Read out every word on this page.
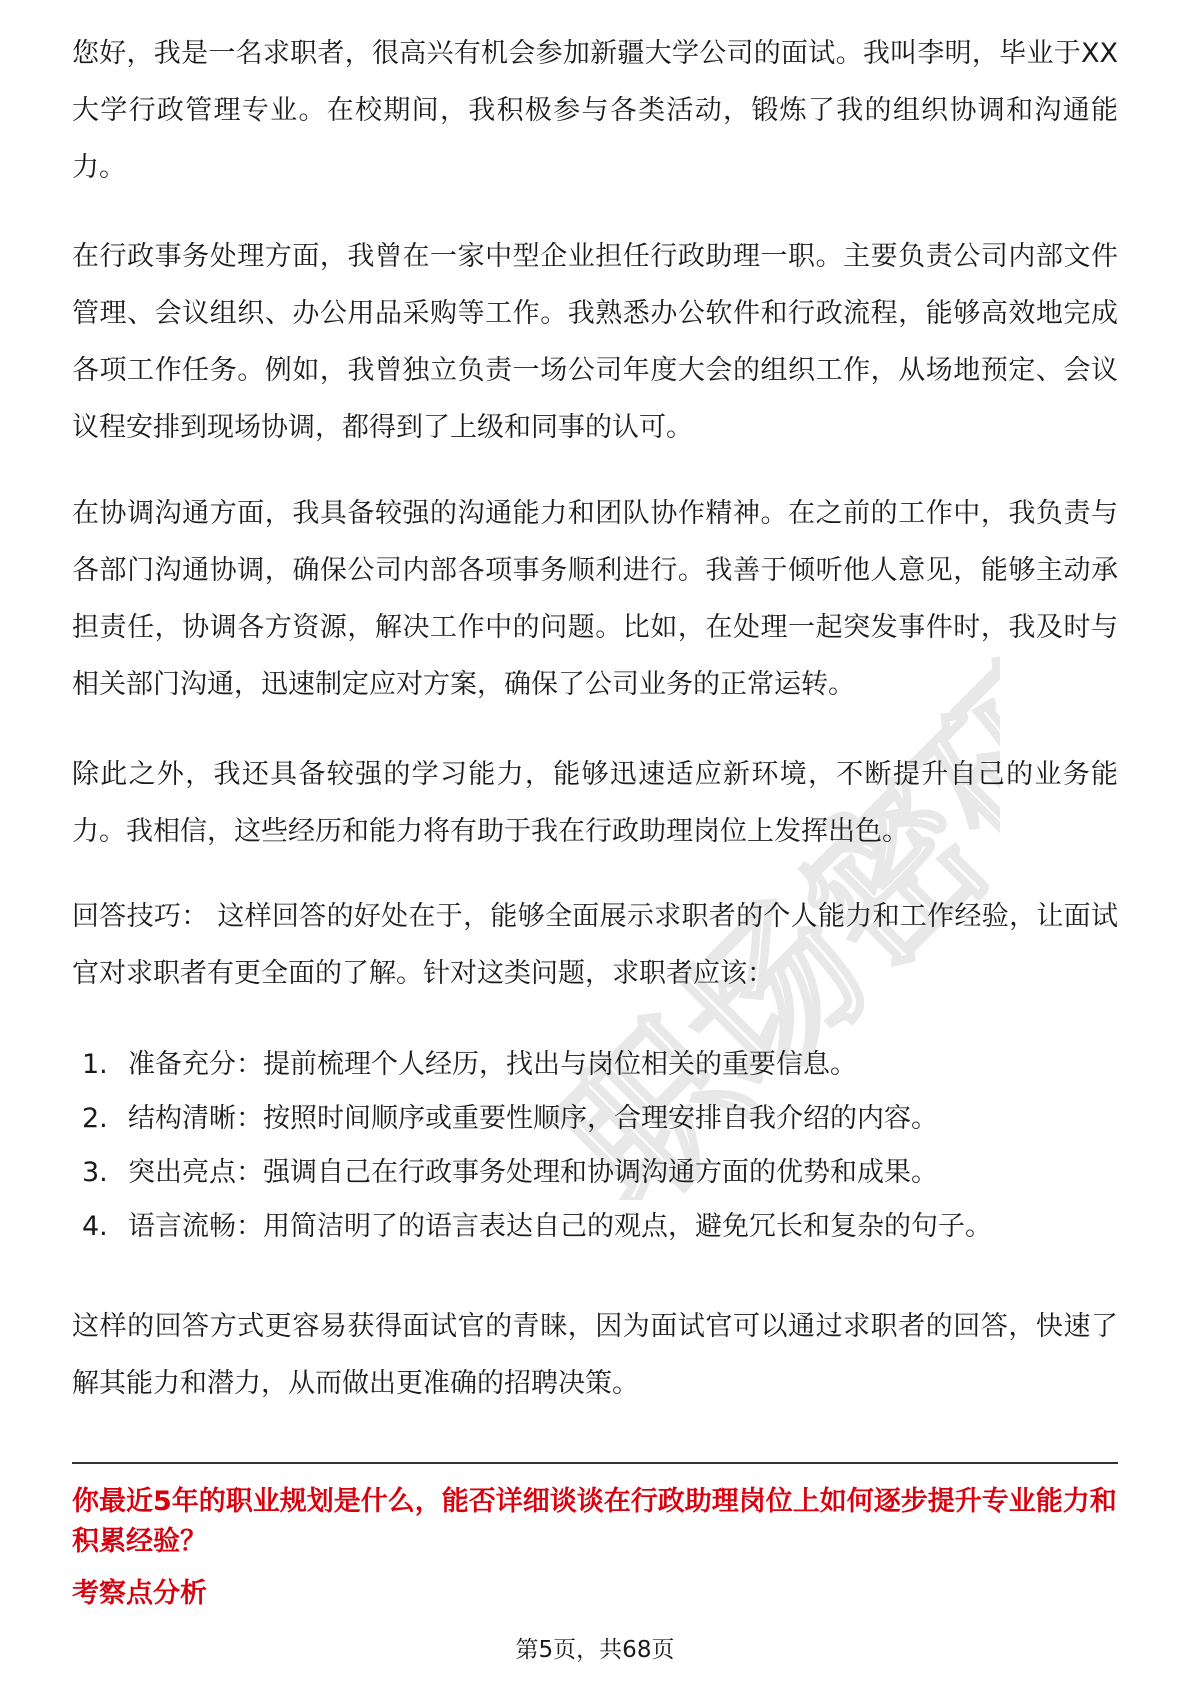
职场密码

您好，我是一名求职者，很高兴有机会参加新疆大学公司的面试。我叫李明，毕业于XX大学行政管理专业。在校期间，我积极参与各类活动，锻炼了我的组织协调和沟通能力。

在行政事务处理方面，我曾在一家中型企业担任行政助理一职。主要负责公司内部文件管理、会议组织、办公用品采购等工作。我熟悉办公软件和行政流程，能够高效地完成各项工作任务。例如，我曾独立负责一场公司年度大会的组织工作，从场地预定、会议议程安排到现场协调，都得到了上级和同事的认可。

在协调沟通方面，我具备较强的沟通能力和团队协作精神。在之前的工作中，我负责与各部门沟通协调，确保公司内部各项事务顺利进行。我善于倾听他人意见，能够主动承担责任，协调各方资源，解决工作中的问题。比如，在处理一起突发事件时，我及时与相关部门沟通，迅速制定应对方案，确保了公司业务的正常运转。

除此之外，我还具备较强的学习能力，能够迅速适应新环境，不断提升自己的业务能力。我相信，这些经历和能力将有助于我在行政助理岗位上发挥出色。

回答技巧： 这样回答的好处在于，能够全面展示求职者的个人能力和工作经验，让面试官对求职者有更全面的了解。针对这类问题，求职者应该：

1. 准备充分：提前梳理个人经历，找出与岗位相关的重要信息。
2. 结构清晰：按照时间顺序或重要性顺序，合理安排自我介绍的内容。
3. 突出亮点：强调自己在行政事务处理和协调沟通方面的优势和成果。
4. 语言流畅：用简洁明了的语言表达自己的观点，避免冗长和复杂的句子。

这样的回答方式更容易获得面试官的青睐，因为面试官可以通过求职者的回答，快速了解其能力和潜力，从而做出更准确的招聘决策。

你最近5年的职业规划是什么，能否详细谈谈在行政助理岗位上如何逐步提升专业能力和积累经验？
考察点分析
第5页，共68页
